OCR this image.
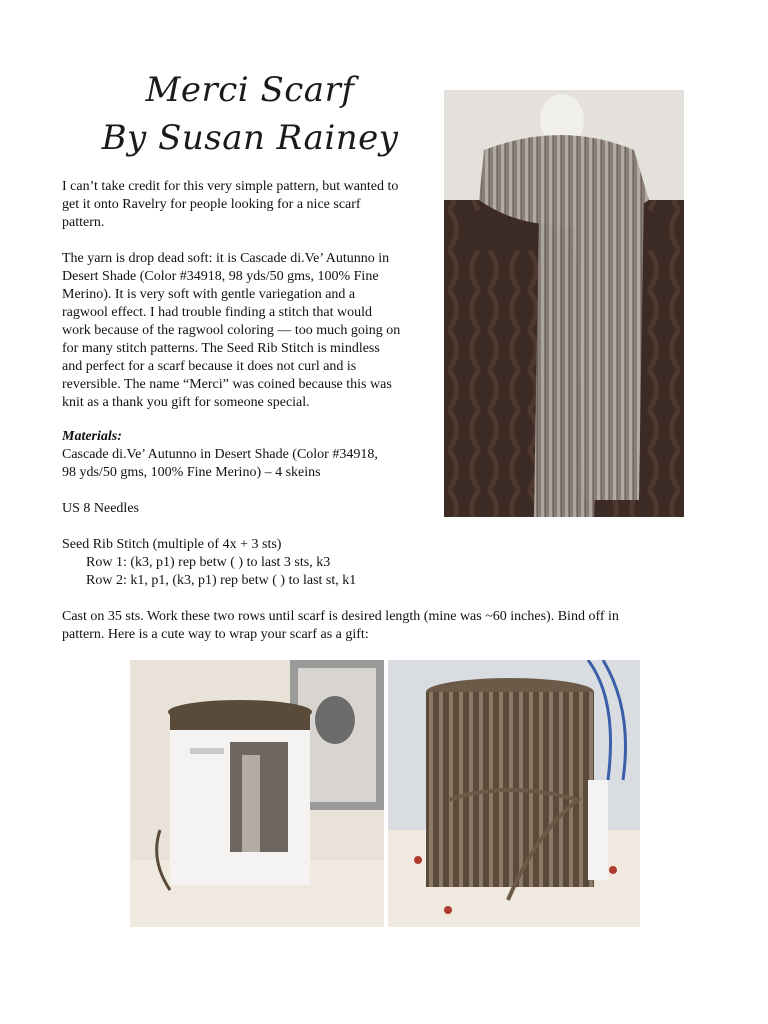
Merci Scarf
By Susan Rainey

I can’t take credit for this very simple pattern, but wanted to

get it onto Ravelry for people looking for a nice scarf

pattern.

The yarn is drop dead soft: it is Cascade di.Ve’ Autunno in

Desert Shade (Color #34918, 98 yds/50 gms, 100% Fine

Merino). It is very soft with gentle variegation and a

ragwool effect. I had trouble finding a stitch that would

work because of the ragwool coloring — too much going on

for many stitch patterns. The Seed Rib Stitch is mindless

and perfect for a scarf because it does not curl and is

reversible. The name “Merci” was coined because this was

knit as a thank you gift for someone special.

Materials:

Cascade di.Ve’ Autunno in Desert Shade (Color #34918,

98 yds/50 gms, 100% Fine Merino) – 4 skeins

US 8 Needles

Seed Rib Stitch (multiple of 4x + 3 sts)

Row 1: (k3, p1) rep betw ( ) to last 3 sts, k3

Row 2: k1, p1, (k3, p1) rep betw ( ) to last st, k1

Cast on 35 sts. Work these two rows until scarf is desired length (mine was ~60 inches). Bind off in

pattern. Here is a cute way to wrap your scarf as a gift:
